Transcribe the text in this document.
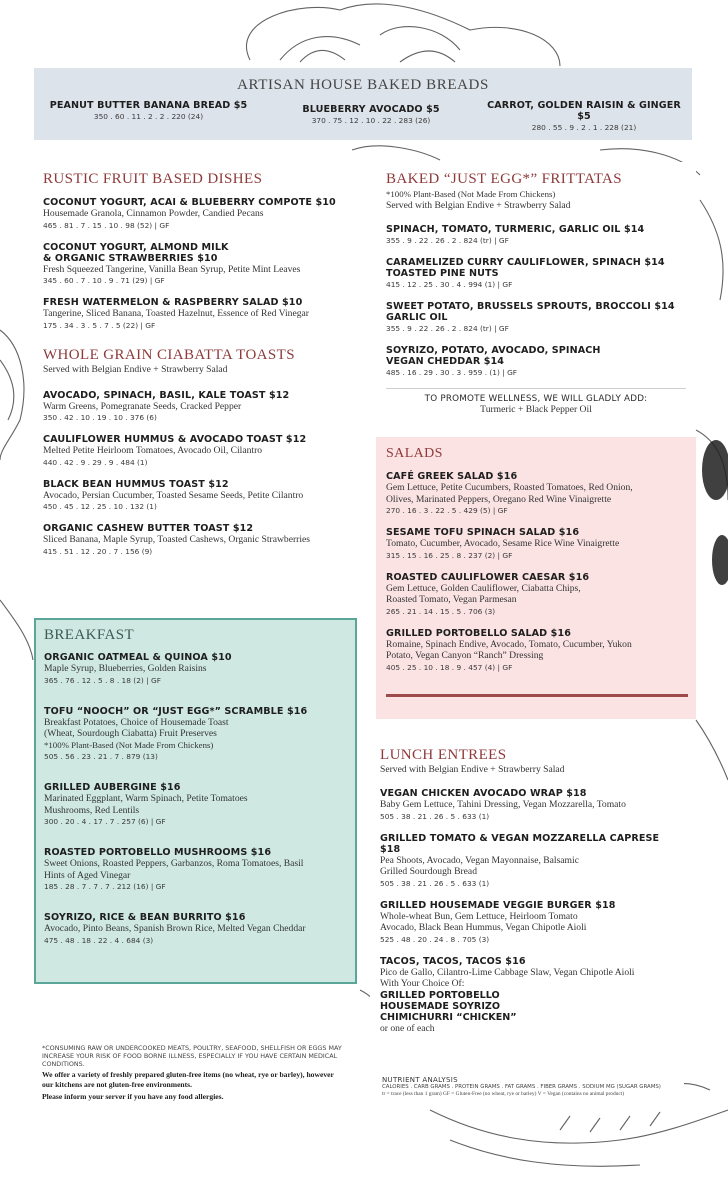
ARTISAN HOUSE BAKED BREADS
PEANUT BUTTER BANANA BREAD $5
350 . 60 . 11 . 2 . 2 . 220 (24)
BLUEBERRY AVOCADO $5
370 . 75 . 12 . 10 . 22 . 283 (26)
CARROT, GOLDEN RAISIN & GINGER $5
280 . 55 . 9 . 2 . 1 . 228 (21)
RUSTIC FRUIT BASED DISHES
COCONUT YOGURT, ACAI & BLUEBERRY COMPOTE $10
Housemade Granola, Cinnamon Powder, Candied Pecans
465 . 81 . 7 . 15 . 10 . 98 (52) | GF
COCONUT YOGURT, ALMOND MILK
& ORGANIC STRAWBERRIES $10
Fresh Squeezed Tangerine, Vanilla Bean Syrup, Petite Mint Leaves
345 . 60 . 7 . 10 . 9 . 71 (29) | GF
FRESH WATERMELON & RASPBERRY SALAD $10
Tangerine, Sliced Banana, Toasted Hazelnut, Essence of Red Vinegar
175 . 34 . 3 . 5 . 7 . 5 (22) | GF
WHOLE GRAIN CIABATTA TOASTS
Served with Belgian Endive + Strawberry Salad
AVOCADO, SPINACH, BASIL, KALE TOAST $12
Warm Greens, Pomegranate Seeds, Cracked Pepper
350 . 42 . 10 . 19 . 10 . 376 (6)
CAULIFLOWER HUMMUS & AVOCADO TOAST $12
Melted Petite Heirloom Tomatoes, Avocado Oil, Cilantro
440 . 42 . 9 . 29 . 9 . 484 (1)
BLACK BEAN HUMMUS TOAST $12
Avocado, Persian Cucumber, Toasted Sesame Seeds, Petite Cilantro
450 . 45 . 12 . 25 . 10 . 132 (1)
ORGANIC CASHEW BUTTER TOAST $12
Sliced Banana, Maple Syrup, Toasted Cashews, Organic Strawberries
415 . 51 . 12 . 20 . 7 . 156 (9)
BAKED “JUST EGG*” FRITTATAS
*100% Plant-Based (Not Made From Chickens)
Served with Belgian Endive + Strawberry Salad
SPINACH, TOMATO, TURMERIC, GARLIC OIL $14
355 . 9 . 22 . 26 . 2 . 824 (tr) | GF
CARAMELIZED CURRY CAULIFLOWER, SPINACH $14
TOASTED PINE NUTS
415 . 12 . 25 . 30 . 4 . 994 (1) | GF
SWEET POTATO, BRUSSELS SPROUTS, BROCCOLI $14
GARLIC OIL
355 . 9 . 22 . 26 . 2 . 824 (tr) | GF
SOYRIZO, POTATO, AVOCADO, SPINACH
VEGAN CHEDDAR $14
485 . 16 . 29 . 30 . 3 . 959 . (1) | GF
TO PROMOTE WELLNESS, WE WILL GLADLY ADD:
Turmeric + Black Pepper Oil
SALADS
CAFÉ GREEK SALAD $16
Gem Lettuce, Petite Cucumbers, Roasted Tomatoes, Red Onion,
Olives, Marinated Peppers, Oregano Red Wine Vinaigrette
270 . 16 . 3 . 22 . 5 . 429 (5) | GF
SESAME TOFU SPINACH SALAD $16
Tomato, Cucumber, Avocado, Sesame Rice Wine Vinaigrette
315 . 15 . 16 . 25 . 8 . 237 (2) | GF
ROASTED CAULIFLOWER CAESAR $16
Gem Lettuce, Golden Cauliflower, Ciabatta Chips,
Roasted Tomato, Vegan Parmesan
265 . 21 . 14 . 15 . 5 . 706 (3)
GRILLED PORTOBELLO SALAD $16
Romaine, Spinach Endive, Avocado, Tomato, Cucumber, Yukon
Potato, Vegan Canyon “Ranch” Dressing
405 . 25 . 10 . 18 . 9 . 457 (4) | GF
BREAKFAST
ORGANIC OATMEAL & QUINOA $10
Maple Syrup, Blueberries, Golden Raisins
365 . 76 . 12 . 5 . 8 . 18 (2) | GF
TOFU “NOOCH” OR “JUST EGG*” SCRAMBLE $16
Breakfast Potatoes, Choice of Housemade Toast
(Wheat, Sourdough Ciabatta) Fruit Preserves
*100% Plant-Based (Not Made From Chickens)
505 . 56 . 23 . 21 . 7 . 879 (13)
GRILLED AUBERGINE $16
Marinated Eggplant, Warm Spinach, Petite Tomatoes
Mushrooms, Red Lentils
300 . 20 . 4 . 17 . 7 . 257 (6) | GF
ROASTED PORTOBELLO MUSHROOMS $16
Sweet Onions, Roasted Peppers, Garbanzos, Roma Tomatoes, Basil
Hints of Aged Vinegar
185 . 28 . 7 . 7 . 7 . 212 (16) | GF
SOYRIZO, RICE & BEAN BURRITO $16
Avocado, Pinto Beans, Spanish Brown Rice, Melted Vegan Cheddar
475 . 48 . 18 . 22 . 4 . 684 (3)
LUNCH ENTREES
Served with Belgian Endive + Strawberry Salad
VEGAN CHICKEN AVOCADO WRAP $18
Baby Gem Lettuce, Tahini Dressing, Vegan Mozzarella, Tomato
505 . 38 . 21 . 26 . 5 . 633 (1)
GRILLED TOMATO & VEGAN MOZZARELLA CAPRESE $18
Pea Shoots, Avocado, Vegan Mayonnaise, Balsamic
Grilled Sourdough Bread
505 . 38 . 21 . 26 . 5 . 633 (1)
GRILLED HOUSEMADE VEGGIE BURGER $18
Whole-wheat Bun, Gem Lettuce, Heirloom Tomato
Avocado, Black Bean Hummus, Vegan Chipotle Aioli
525 . 48 . 20 . 24 . 8 . 705 (3)
TACOS, TACOS, TACOS $16
Pico de Gallo, Cilantro-Lime Cabbage Slaw, Vegan Chipotle Aioli
With Your Choice Of:
GRILLED PORTOBELLO
HOUSEMADE SOYRIZO
CHIMICHURRI “CHICKEN”
or one of each
*CONSUMING RAW OR UNDERCOOKED MEATS, POULTRY, SEAFOOD, SHELLFISH OR EGGS MAY INCREASE YOUR RISK OF FOOD BORNE ILLNESS, ESPECIALLY IF YOU HAVE CERTAIN MEDICAL CONDITIONS.
We offer a variety of freshly prepared gluten-free items (no wheat, rye or barley), however our kitchens are not gluten-free environments.
Please inform your server if you have any food allergies.
NUTRIENT ANALYSIS
CALORIES . CARB GRAMS . PROTEIN GRAMS . FAT GRAMS . FIBER GRAMS . SODIUM MG (SUGAR GRAMS)
tr = trace (less than 1 gram) GF = Gluten-Free (no wheat, rye or barley) V = Vegan (contains no animal product)
